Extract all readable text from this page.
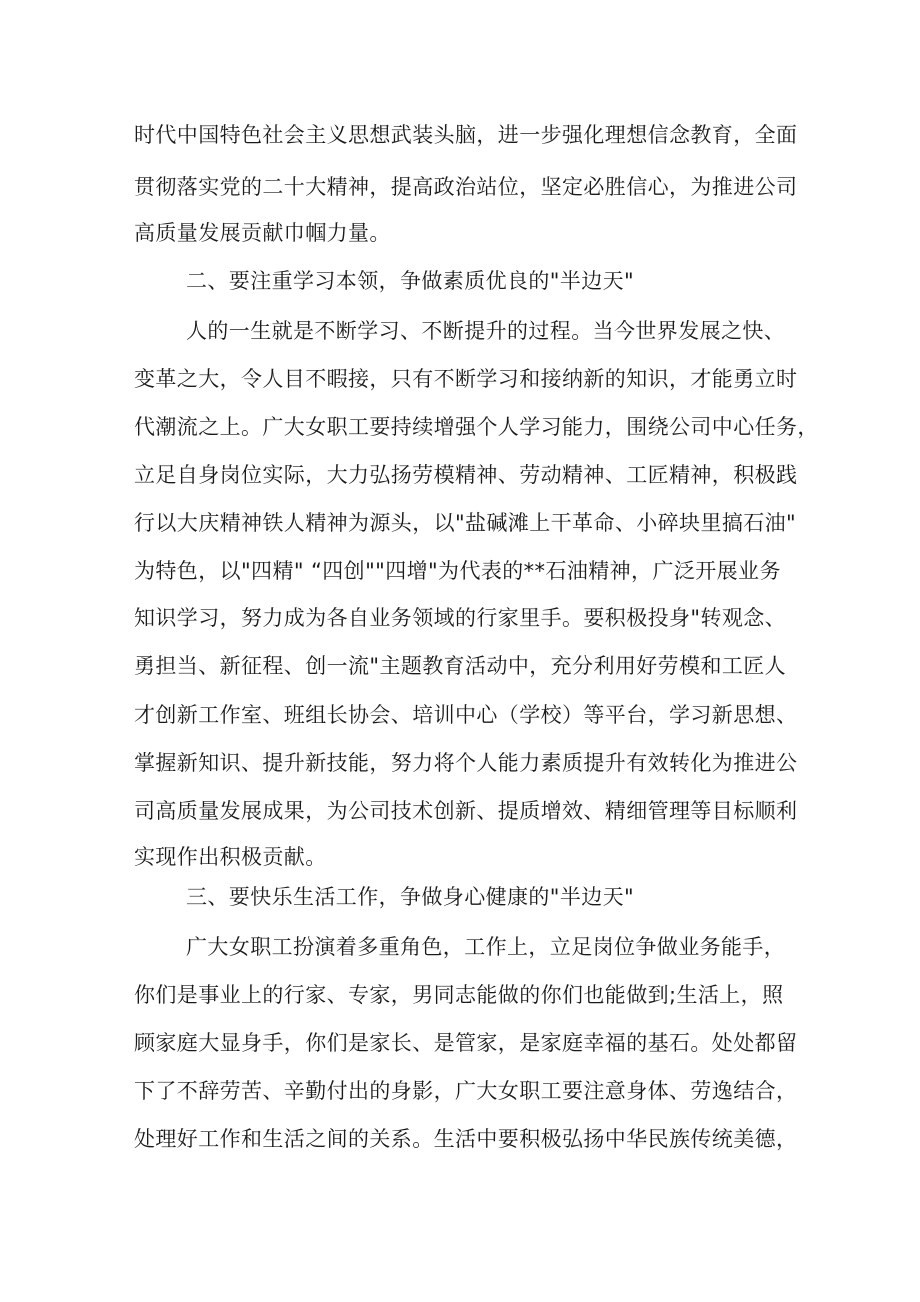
时代中国特色社会主义思想武装头脑，进一步强化理想信念教育，全面
贯彻落实党的二十大精神，提高政治站位，坚定必胜信心，为推进公司
高质量发展贡献巾帼力量。
二、要注重学习本领，争做素质优良的"半边天"
人的一生就是不断学习、不断提升的过程。当今世界发展之快、
变革之大，令人目不暇接，只有不断学习和接纳新的知识，才能勇立时
代潮流之上。广大女职工要持续增强个人学习能力，围绕公司中心任务，
立足自身岗位实际，大力弘扬劳模精神、劳动精神、工匠精神，积极践
行以大庆精神铁人精神为源头，以"盐碱滩上干革命、小碎块里搞石油"
为特色，以"四精" “四创""四增"为代表的**石油精神，广泛开展业务
知识学习，努力成为各自业务领域的行家里手。要积极投身"转观念、
勇担当、新征程、创一流"主题教育活动中，充分利用好劳模和工匠人
才创新工作室、班组长协会、培训中心（学校）等平台，学习新思想、
掌握新知识、提升新技能，努力将个人能力素质提升有效转化为推进公
司高质量发展成果，为公司技术创新、提质增效、精细管理等目标顺利
实现作出积极贡献。
三、要快乐生活工作，争做身心健康的"半边天"
广大女职工扮演着多重角色，工作上，立足岗位争做业务能手，
你们是事业上的行家、专家，男同志能做的你们也能做到;生活上，照
顾家庭大显身手，你们是家长、是管家，是家庭幸福的基石。处处都留
下了不辞劳苦、辛勤付出的身影，广大女职工要注意身体、劳逸结合，
处理好工作和生活之间的关系。生活中要积极弘扬中华民族传统美德，
